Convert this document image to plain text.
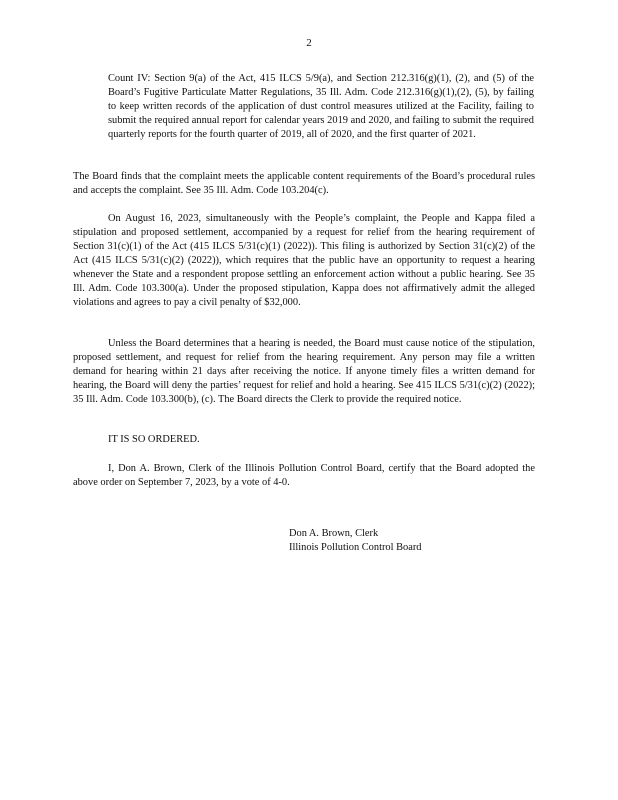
2

Count IV: Section 9(a) of the Act, 415 ILCS 5/9(a), and Section 212.316(g)(1), (2), and (5) of the Board’s Fugitive Particulate Matter Regulations, 35 Ill. Adm. Code 212.316(g)(1),(2), (5), by failing to keep written records of the application of dust control measures utilized at the Facility, failing to submit the required annual report for calendar years 2019 and 2020, and failing to submit the required quarterly reports for the fourth quarter of 2019, all of 2020, and the first quarter of 2021.

The Board finds that the complaint meets the applicable content requirements of the Board’s procedural rules and accepts the complaint. See 35 Ill. Adm. Code 103.204(c).

On August 16, 2023, simultaneously with the People’s complaint, the People and Kappa filed a stipulation and proposed settlement, accompanied by a request for relief from the hearing requirement of Section 31(c)(1) of the Act (415 ILCS 5/31(c)(1) (2022)). This filing is authorized by Section 31(c)(2) of the Act (415 ILCS 5/31(c)(2) (2022)), which requires that the public have an opportunity to request a hearing whenever the State and a respondent propose settling an enforcement action without a public hearing. See 35 Ill. Adm. Code 103.300(a). Under the proposed stipulation, Kappa does not affirmatively admit the alleged violations and agrees to pay a civil penalty of $32,000.

Unless the Board determines that a hearing is needed, the Board must cause notice of the stipulation, proposed settlement, and request for relief from the hearing requirement. Any person may file a written demand for hearing within 21 days after receiving the notice. If anyone timely files a written demand for hearing, the Board will deny the parties’ request for relief and hold a hearing. See 415 ILCS 5/31(c)(2) (2022); 35 Ill. Adm. Code 103.300(b), (c). The Board directs the Clerk to provide the required notice.

IT IS SO ORDERED.

I, Don A. Brown, Clerk of the Illinois Pollution Control Board, certify that the Board adopted the above order on September 7, 2023, by a vote of 4-0.

Don A. Brown, Clerk

Illinois Pollution Control Board
